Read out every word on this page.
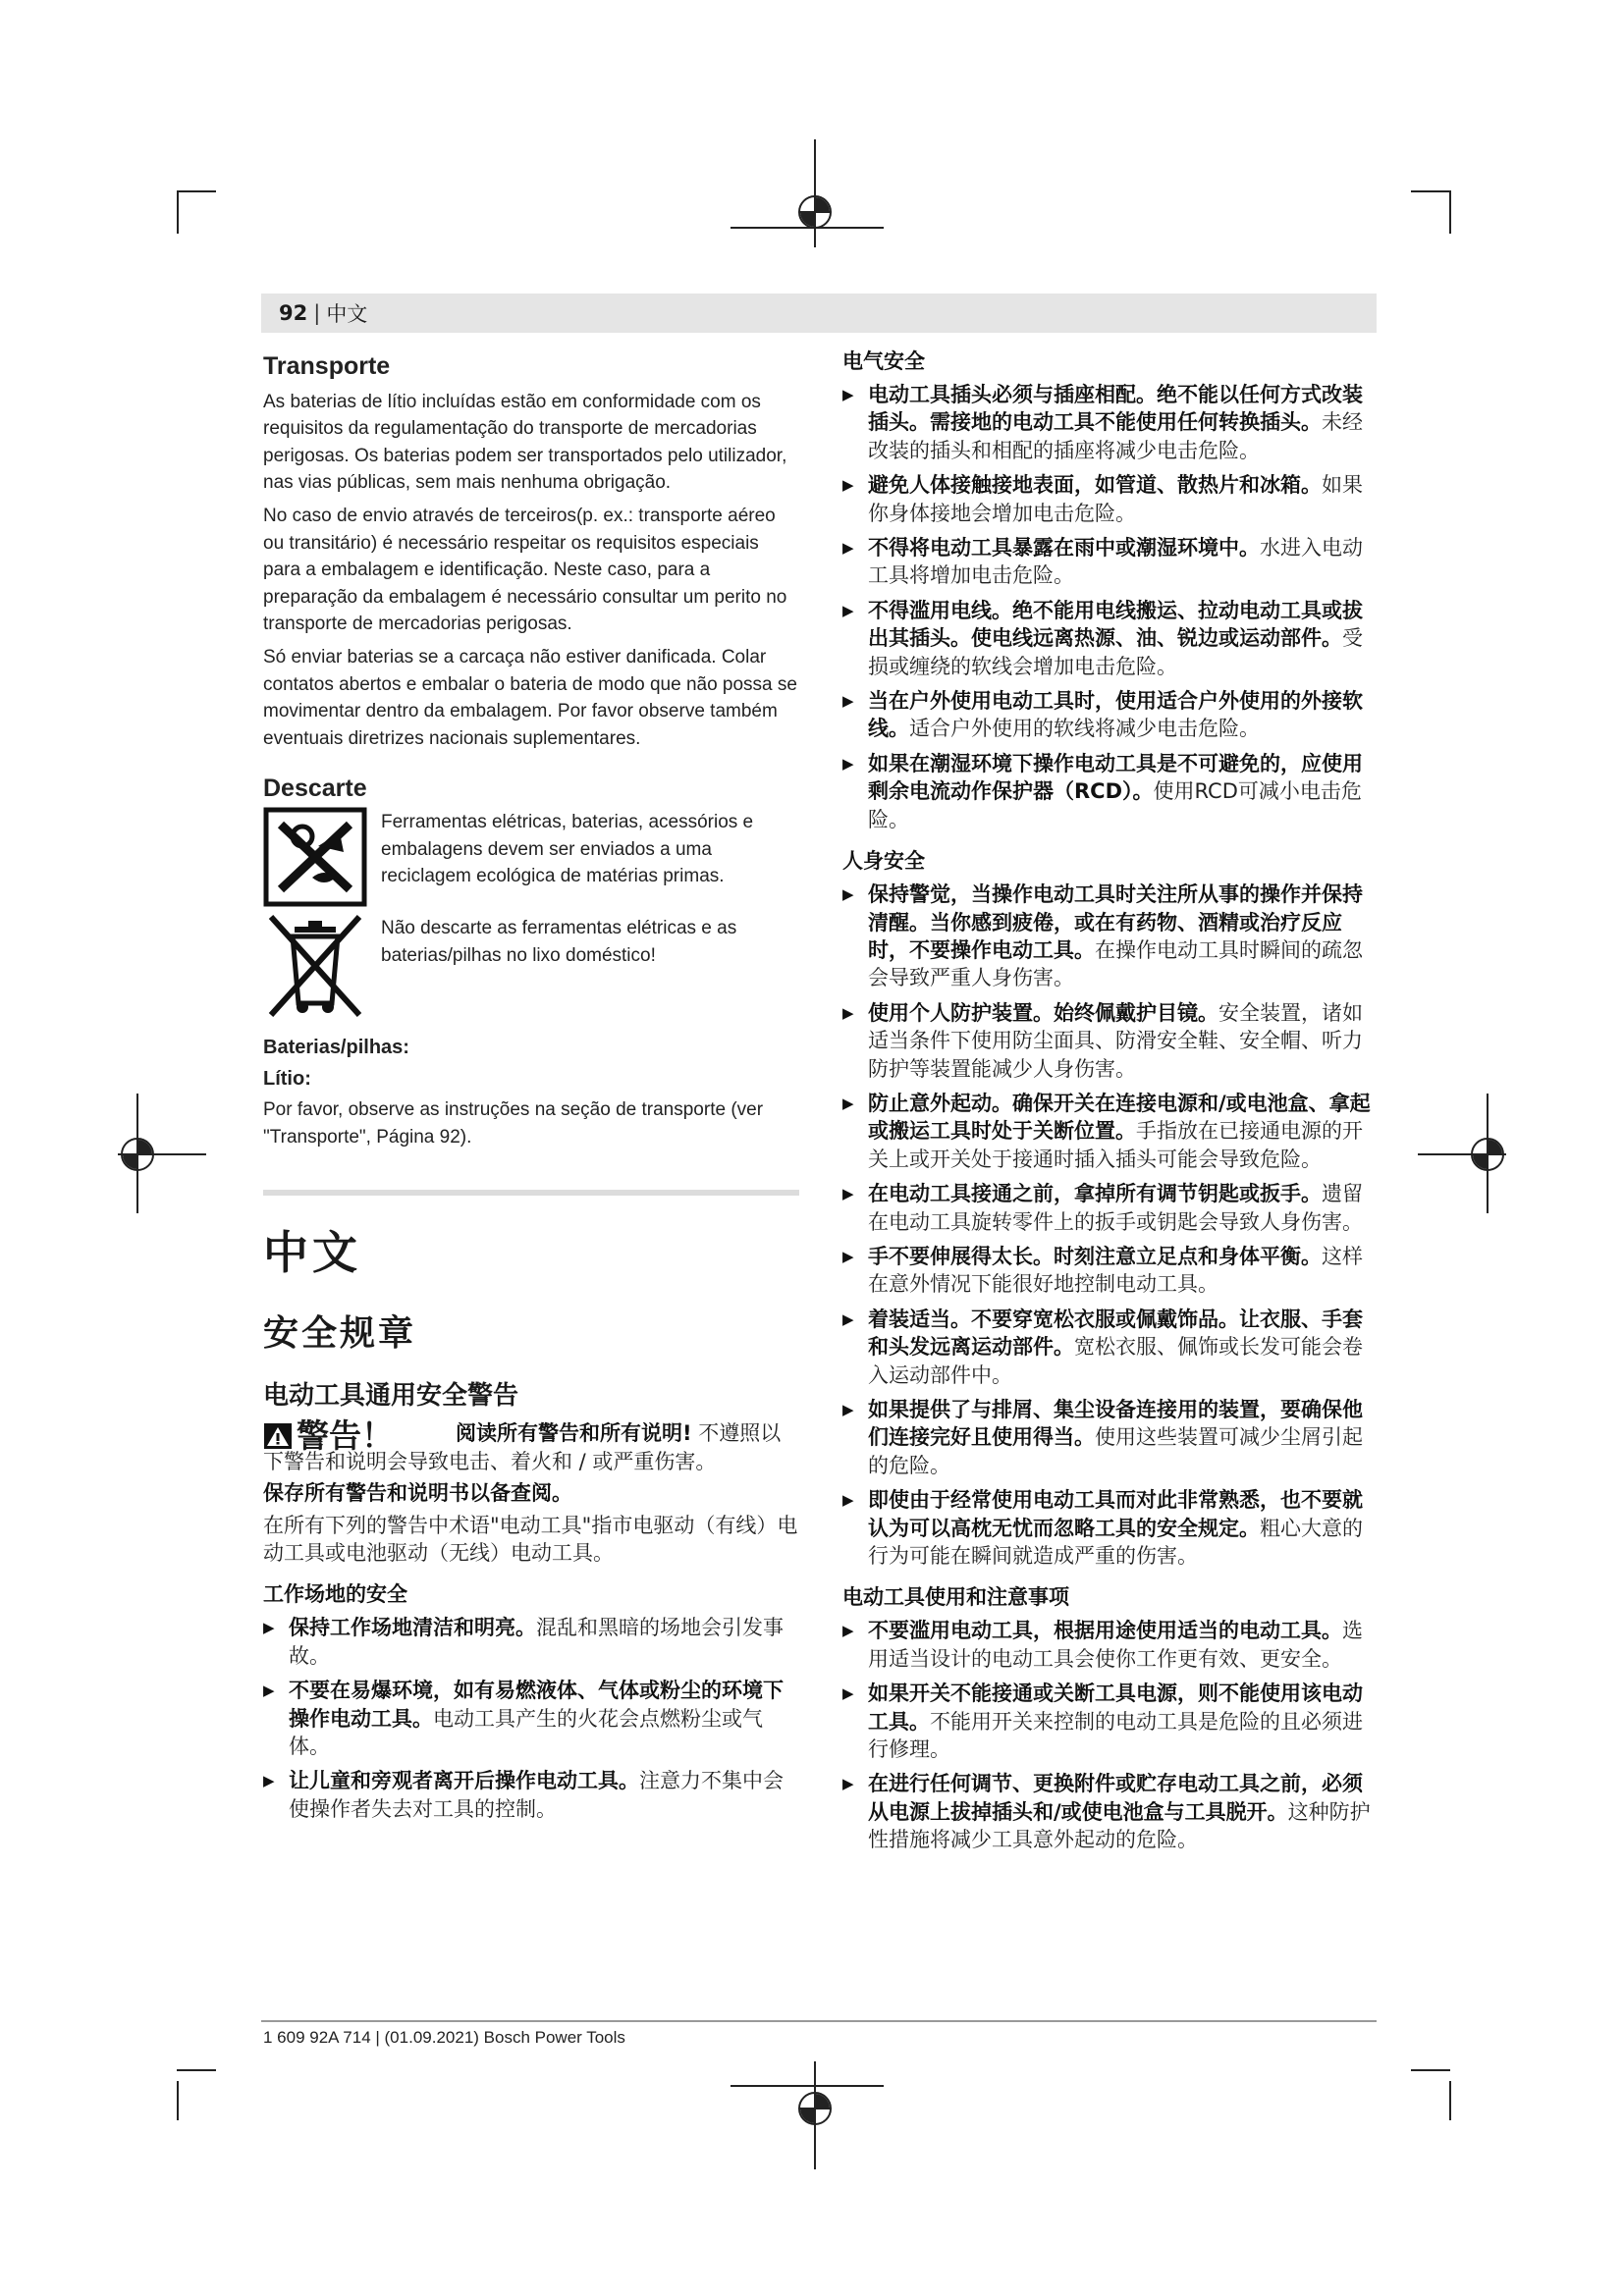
92 | 中文
Transporte

As baterias de lítio incluídas estão em conformidade com os requisitos da regulamentação do transporte de mercadorias perigosas. Os baterias podem ser transportados pelo utilizador, nas vias públicas, sem mais nenhuma obrigação.

No caso de envio através de terceiros(p. ex.: transporte aéreo ou transitário) é necessário respeitar os requisitos especiais para a embalagem e identificação. Neste caso, para a preparação da embalagem é necessário consultar um perito no transporte de mercadorias perigosas.

Só enviar baterias se a carcaça não estiver danificada. Colar contatos abertos e embalar o bateria de modo que não possa se movimentar dentro da embalagem. Por favor observe também eventuais diretrizes nacionais suplementares.

Descarte
Ferramentas elétricas, baterias, acessórios e embalagens devem ser enviados a uma reciclagem ecológica de matérias primas.
Não descarte as ferramentas elétricas e as baterias/pilhas no lixo doméstico!
Baterias/pilhas:
Lítio:

Por favor, observe as instruções na seção de transporte (ver "Transporte", Página 92).

中文
安全规章
电动工具通用安全警告
警告！	阅读所有警告和所有说明! 不遵照以下警告和说明会导致电击、着火和 / 或严重伤害。
保存所有警告和说明书以备查阅。
在所有下列的警告中术语"电动工具"指市电驱动（有线）电动工具或电池驱动（无线）电动工具。
工作场地的安全
▶ 保持工作场地清洁和明亮。混乱和黑暗的场地会引发事故。
▶ 不要在易爆环境，如有易燃液体、气体或粉尘的环境下操作电动工具。电动工具产生的火花会点燃粉尘或气体。
▶ 让儿童和旁观者离开后操作电动工具。注意力不集中会使操作者失去对工具的控制。
电气安全
▶ 电动工具插头必须与插座相配。绝不能以任何方式改装插头。需接地的电动工具不能使用任何转换插头。未经改装的插头和相配的插座将减少电击危险。
▶ 避免人体接触接地表面，如管道、散热片和冰箱。如果你身体接地会增加电击危险。
▶ 不得将电动工具暴露在雨中或潮湿环境中。水进入电动工具将增加电击危险。
▶ 不得滥用电线。绝不能用电线搬运、拉动电动工具或拔出其插头。使电线远离热源、油、锐边或运动部件。受损或缠绕的软线会增加电击危险。
▶ 当在户外使用电动工具时，使用适合户外使用的外接软线。适合户外使用的软线将减少电击危险。
▶ 如果在潮湿环境下操作电动工具是不可避免的，应使用剩余电流动作保护器（RCD）。使用RCD可减小电击危险。
人身安全
▶ 保持警觉，当操作电动工具时关注所从事的操作并保持清醒。当你感到疲倦，或在有药物、酒精或治疗反应时，不要操作电动工具。在操作电动工具时瞬间的疏忽会导致严重人身伤害。
▶ 使用个人防护装置。始终佩戴护目镜。安全装置，诸如适当条件下使用防尘面具、防滑安全鞋、安全帽、听力防护等装置能减少人身伤害。
▶ 防止意外起动。确保开关在连接电源和/或电池盒、拿起或搬运工具时处于关断位置。手指放在已接通电源的开关上或开关处于接通时插入插头可能会导致危险。
▶ 在电动工具接通之前，拿掉所有调节钥匙或扳手。遗留在电动工具旋转零件上的扳手或钥匙会导致人身伤害。
▶ 手不要伸展得太长。时刻注意立足点和身体平衡。这样在意外情况下能很好地控制电动工具。
▶ 着装适当。不要穿宽松衣服或佩戴饰品。让衣服、手套和头发远离运动部件。宽松衣服、佩饰或长发可能会卷入运动部件中。
▶ 如果提供了与排屑、集尘设备连接用的装置，要确保他们连接完好且使用得当。使用这些装置可减少尘屑引起的危险。
▶ 即使由于经常使用电动工具而对此非常熟悉，也不要就认为可以高枕无忧而忽略工具的安全规定。粗心大意的行为可能在瞬间就造成严重的伤害。
电动工具使用和注意事项
▶ 不要滥用电动工具，根据用途使用适当的电动工具。选用适当设计的电动工具会使你工作更有效、更安全。
▶ 如果开关不能接通或关断工具电源，则不能使用该电动工具。不能用开关来控制的电动工具是危险的且必须进行修理。
▶ 在进行任何调节、更换附件或贮存电动工具之前，必须从电源上拔掉插头和/或使电池盒与工具脱开。这种防护性措施将减少工具意外起动的危险。
1 609 92A 714 | (01.09.2021) Bosch Power Tools
